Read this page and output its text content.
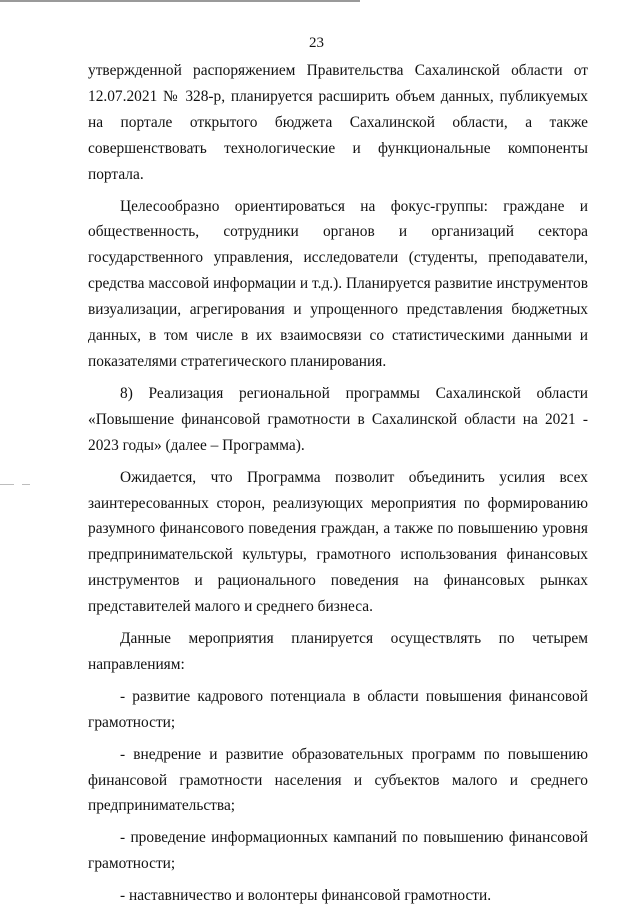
23

утвержденной распоряжением Правительства Сахалинской области от 12.07.2021 № 328-р, планируется расширить объем данных, публикуемых на портале открытого бюджета Сахалинской области, а также совершенствовать технологические и функциональные компоненты портала.

Целесообразно ориентироваться на фокус-группы: граждане и общественность, сотрудники органов и организаций сектора государственного управления, исследователи (студенты, преподаватели, средства массовой информации и т.д.). Планируется развитие инструментов визуализации, агрегирования и упрощенного представления бюджетных данных, в том числе в их взаимосвязи со статистическими данными и показателями стратегического планирования.

8) Реализация региональной программы Сахалинской области «Повышение финансовой грамотности в Сахалинской области на 2021 - 2023 годы» (далее – Программа).

Ожидается, что Программа позволит объединить усилия всех заинтересованных сторон, реализующих мероприятия по формированию разумного финансового поведения граждан, а также по повышению уровня предпринимательской культуры, грамотного использования финансовых инструментов и рационального поведения на финансовых рынках представителей малого и среднего бизнеса.

Данные мероприятия планируется осуществлять по четырем направлениям:

- развитие кадрового потенциала в области повышения финансовой грамотности;

- внедрение и развитие образовательных программ по повышению финансовой грамотности населения и субъектов малого и среднего предпринимательства;

- проведение информационных кампаний по повышению финансовой грамотности;

- наставничество и волонтеры финансовой грамотности.
